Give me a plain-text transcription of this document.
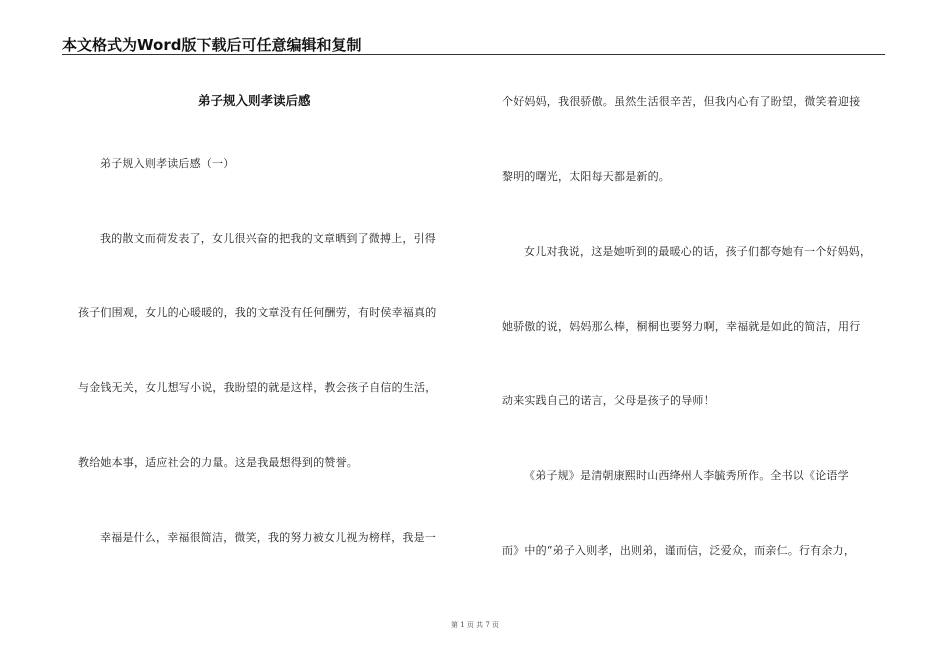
本文格式为Word版下载后可任意编辑和复制
弟子规入则孝读后感
弟子规入则孝读后感（一）
我的散文而荷发表了，女儿很兴奋的把我的文章晒到了微搏上，引得
孩子们围观，女儿的心暖暖的，我的文章没有任何酬劳，有时侯幸福真的
与金钱无关，女儿想写小说，我盼望的就是这样，教会孩子自信的生活，
教给她本事，适应社会的力量。这是我最想得到的赞誉。
幸福是什么，幸福很简洁，微笑，我的努力被女儿视为榜样，我是一
个好妈妈，我很骄傲。虽然生活很辛苦，但我内心有了盼望，微笑着迎接
黎明的曙光，太阳每天都是新的。
女儿对我说，这是她听到的最暖心的话，孩子们都夸她有一个好妈妈，
她骄傲的说，妈妈那么棒，桐桐也要努力啊，幸福就是如此的简洁，用行
动来实践自己的诺言，父母是孩子的导师！
《弟子规》是清朝康熙时山西绛州人李毓秀所作。全书以《论语学
而》中的“弟子入则孝，出则弟，谨而信，泛爱众，而亲仁。行有余力，
第 1 页 共 7 页
